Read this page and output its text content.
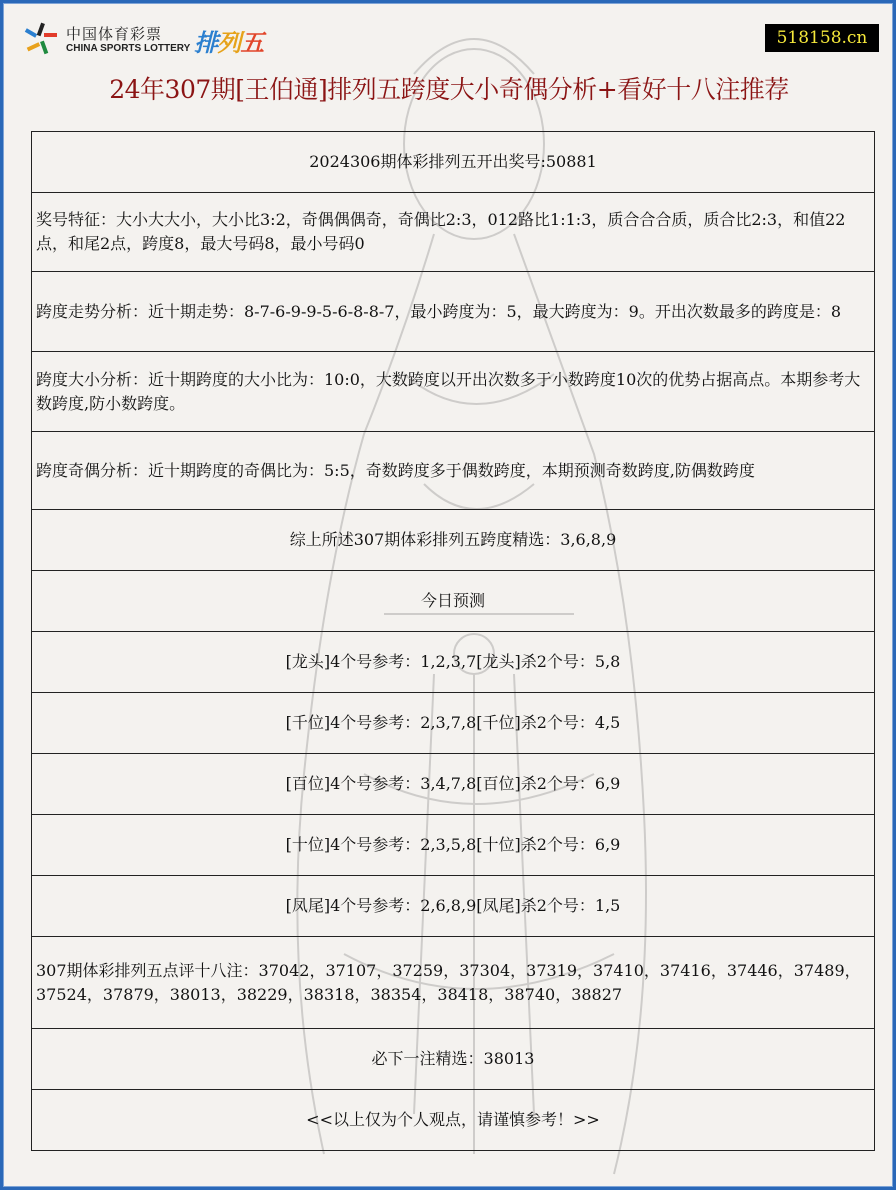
中国体育彩票
CHINA SPORTS LOTTERY 排列五	518158.cn
24年307期[王伯通]排列五跨度大小奇偶分析+看好十八注推荐
2024306期体彩排列五开出奖号:50881
奖号特征：大小大大小，大小比3:2，奇偶偶偶奇，奇偶比2:3，012路比1:1:3，质合合合质，质合比2:3，和值22点，和尾2点，跨度8，最大号码8，最小号码0
跨度走势分析：近十期走势：8-7-6-9-9-5-6-8-8-7，最小跨度为：5，最大跨度为：9。开出次数最多的跨度是：8
跨度大小分析：近十期跨度的大小比为：10:0，大数跨度以开出次数多于小数跨度10次的优势占据高点。本期参考大数跨度,防小数跨度。
跨度奇偶分析：近十期跨度的奇偶比为：5:5，奇数跨度多于偶数跨度，本期预测奇数跨度,防偶数跨度
综上所述307期体彩排列五跨度精选：3,6,8,9
今日预测
[龙头]4个号参考：1,2,3,7[龙头]杀2个号：5,8
[千位]4个号参考：2,3,7,8[千位]杀2个号：4,5
[百位]4个号参考：3,4,7,8[百位]杀2个号：6,9
[十位]4个号参考：2,3,5,8[十位]杀2个号：6,9
[凤尾]4个号参考：2,6,8,9[凤尾]杀2个号：1,5
307期体彩排列五点评十八注：37042，37107，37259，37304，37319，37410，37416，37446，37489，37524，37879，38013，38229，38318，38354，38418，38740，38827
必下一注精选：38013
<<以上仅为个人观点，请谨慎参考！>>
